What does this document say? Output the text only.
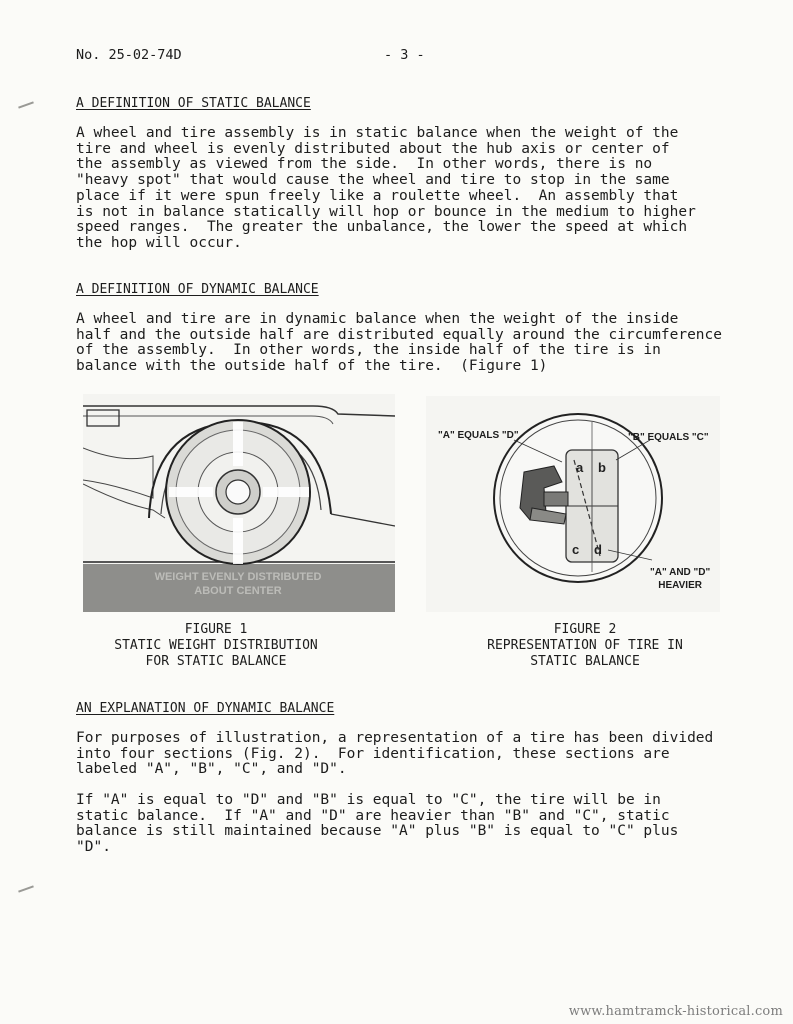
No. 25-02-74D	- 3 -
A DEFINITION OF STATIC BALANCE
A wheel and tire assembly is in static balance when the weight of the
tire and wheel is evenly distributed about the hub axis or center of
the assembly as viewed from the side.  In other words, there is no
"heavy spot" that would cause the wheel and tire to stop in the same
place if it were spun freely like a roulette wheel.  An assembly that
is not in balance statically will hop or bounce in the medium to higher
speed ranges.  The greater the unbalance, the lower the speed at which
the hop will occur.
A DEFINITION OF DYNAMIC BALANCE
A wheel and tire are in dynamic balance when the weight of the inside
half and the outside half are distributed equally around the circumference
of the assembly.  In other words, the inside half of the tire is in
balance with the outside half of the tire.  (Figure 1)
WEIGHT EVENLY DISTRIBUTED
ABOUT CENTER
FIGURE 1
STATIC WEIGHT DISTRIBUTION
FOR STATIC BALANCE
a b
c d
"A" EQUALS "D"	"B" EQUALS "C"
"A" AND "D"
HEAVIER
FIGURE 2
REPRESENTATION OF TIRE IN
STATIC BALANCE
AN EXPLANATION OF DYNAMIC BALANCE
For purposes of illustration, a representation of a tire has been divided
into four sections (Fig. 2).  For identification, these sections are
labeled "A", "B", "C", and "D".
If "A" is equal to "D" and "B" is equal to "C", the tire will be in
static balance.  If "A" and "D" are heavier than "B" and "C", static
balance is still maintained because "A" plus "B" is equal to "C" plus
"D".
www.hamtramck-historical.com
